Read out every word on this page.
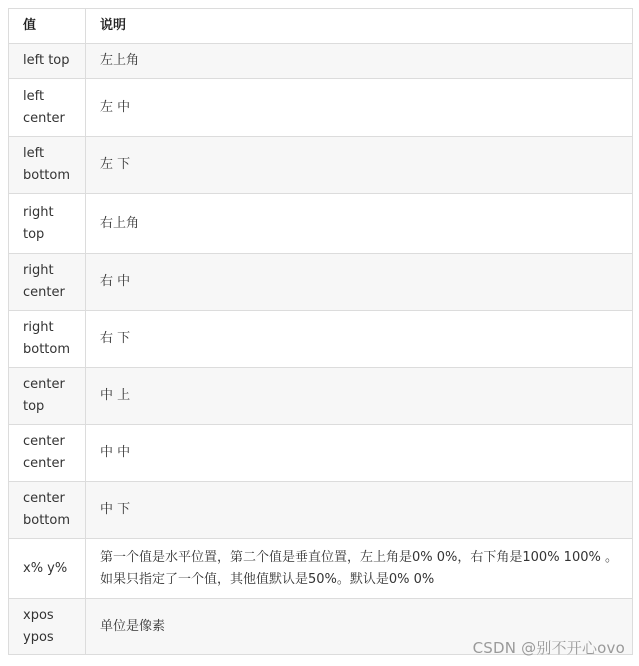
值	说明
left top	左上角
left center	左 中
left bottom	左 下
right top	右上角
right center	右 中
right bottom	右 下
center top	中 上
center center	中 中
center bottom	中 下
x% y%	第一个值是水平位置，第二个值是垂直位置，左上角是0% 0%，右下角是100% 100% 。如果只指定了一个值，其他值默认是50%。默认是0% 0%
xpos ypos	单位是像素
CSDN @别不开心ovo
